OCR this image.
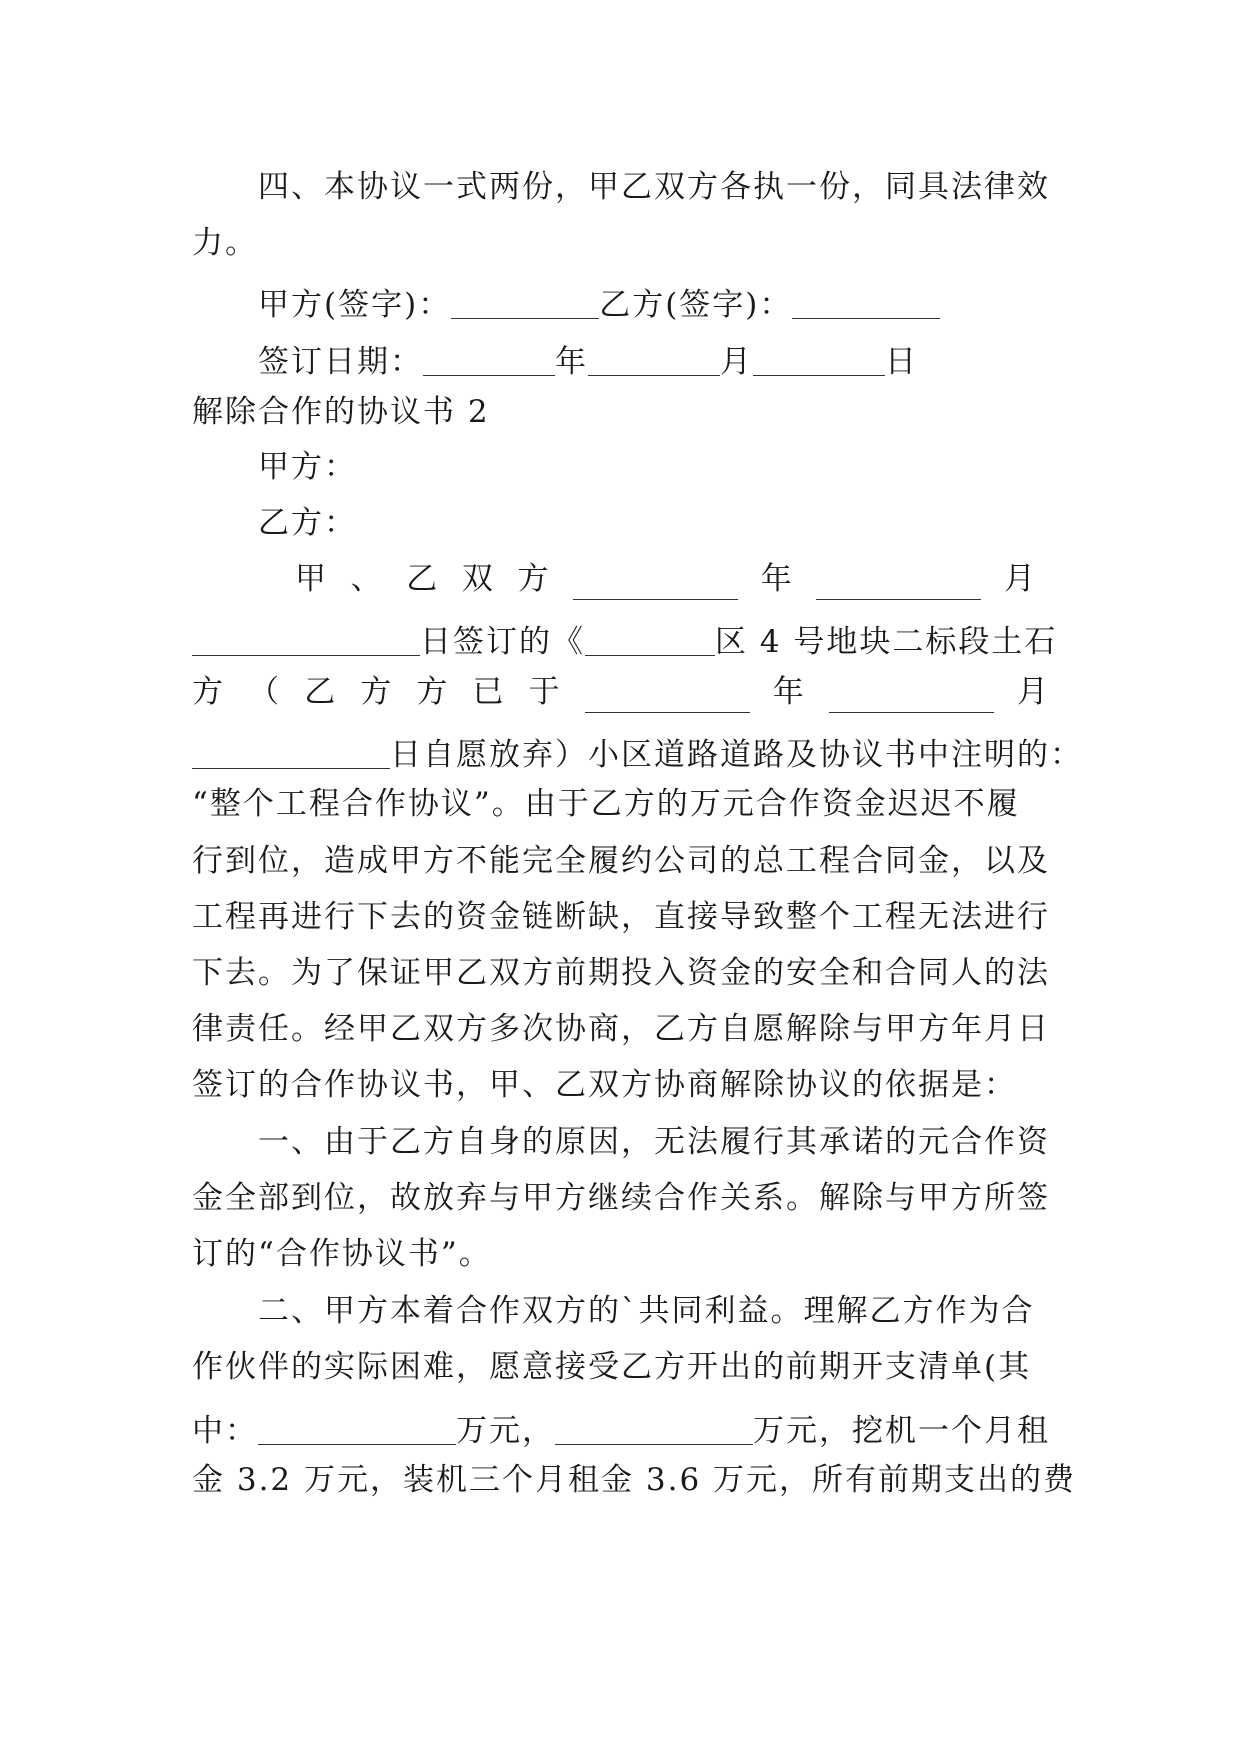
四、本协议一式两份，甲乙双方各执一份，同具法律效
力。
甲方(签字)：	乙方(签字)：
签订日期：	年	月	日
解除合作的协议书 2
甲方：
乙方：
甲 、 乙 双 方	年	月
日签订的《	区 4 号地块二标段土石
方 （ 乙 方 方 已 于	年	月
日自愿放弃）小区道路道路及协议书中注明的：
“整个工程合作协议”。由于乙方的万元合作资金迟迟不履
行到位，造成甲方不能完全履约公司的总工程合同金，以及
工程再进行下去的资金链断缺，直接导致整个工程无法进行
下去。为了保证甲乙双方前期投入资金的安全和合同人的法
律责任。经甲乙双方多次协商，乙方自愿解除与甲方年月日
签订的合作协议书，甲、乙双方协商解除协议的依据是：
一、由于乙方自身的原因，无法履行其承诺的元合作资
金全部到位，故放弃与甲方继续合作关系。解除与甲方所签
订的“合作协议书”。
二、甲方本着合作双方的`共同利益。理解乙方作为合
作伙伴的实际困难，愿意接受乙方开出的前期开支清单(其
中：	万元，	万元，挖机一个月租
金 3.2 万元，装机三个月租金 3.6 万元，所有前期支出的费
